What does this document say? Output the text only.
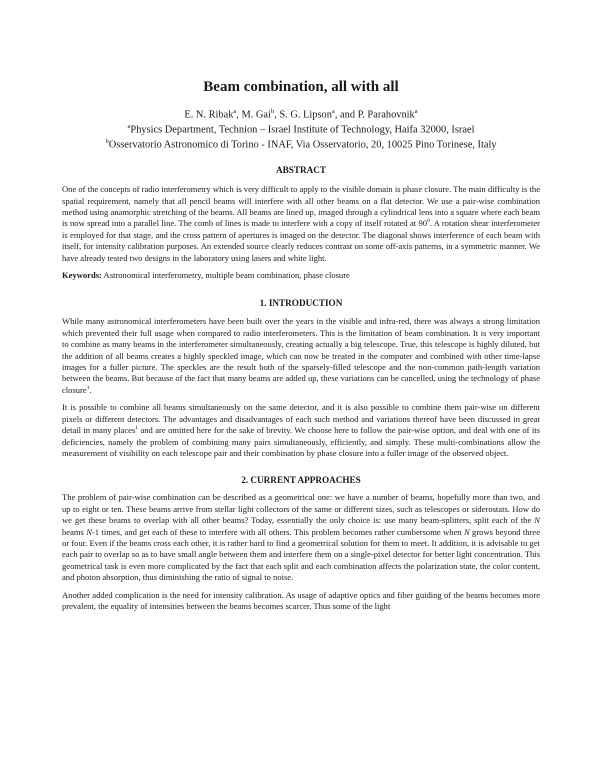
Beam combination, all with all

E. N. Ribak$^a$, M. Gai$^b$, S. G. Lipson$^a$, and P. Parahovnik$^a$

$^a$Physics Department, Technion – Israel Institute of Technology, Haifa 32000, Israel

$^b$Osservatorio Astronomico di Torino - INAF, Via Osservatorio, 20, 10025 Pino Torinese, Italy

ABSTRACT

One of the concepts of radio interferometry which is very difficult to apply to the visible domain is phase closure. The main difficulty is the spatial requirement, namely that all pencil beams will interfere with all other beams on a flat detector. We use a pair-wise combination method using anamorphic stretching of the beams. All beams are lined up, imaged through a cylindrical lens into a square where each beam is now spread into a parallel line. The comb of lines is made to interfere with a copy of itself rotated at $90^0$. A rotation shear interferometer is employed for that stage, and the cross pattern of apertures is imaged on the detector. The diagonal shows interference of each beam with itself, for intensity calibration purposes. An extended source clearly reduces contrast on some off-axis patterns, in a symmetric manner. We have already tested two designs in the laboratory using lasers and white light.

Keywords: Astronomical interferometry, multiple beam combination, phase closure

1. INTRODUCTION

While many astronomical interferometers have been built over the years in the visible and infra-red, there was always a strong limitation which prevented their full usage when compared to radio interferometers. This is the limitation of beam combination. It is very important to combine as many beams in the interferometer simultaneously, creating actually a big telescope. True, this telescope is highly diluted, but the addition of all beams creates a highly speckled image, which can now be treated in the computer and combined with other time-lapse images for a fuller picture. The speckles are the result both of the sparsely-filled telescope and the non-common path-length variation between the beams. But because of the fact that many beams are added up, these variations can be cancelled, using the technology of phase closure$^1$.

It is possible to combine all beams simultaneously on the same detector, and it is also possible to combine them pair-wise on different pixels or different detectors. The advantages and disadvantages of each such method and variations thereof have been discussed in great detail in many places$^1$ and are omitted here for the sake of brevity. We choose here to follow the pair-wise option, and deal with one of its deficiencies, namely the problem of combining many pairs simultaneously, efficiently, and simply. These multi-combinations allow the measurement of visibility on each telescope pair and their combination by phase closure into a fuller image of the observed object.

2. CURRENT APPROACHES

The problem of pair-wise combination can be described as a geometrical one: we have a number of beams, hopefully more than two, and up to eight or ten. These beams arrive from stellar light collectors of the same or different sizes, such as telescopes or siderostats. How do we get these beams to overlap with all other beams? Today, essentially the only choice is: use many beam-splitters, split each of the N beams N-1 times, and get each of these to interfere with all others. This problem becomes rather cumbersome when N grows beyond three or four. Even if the beams cross each other, it is rather hard to find a geometrical solution for them to meet. It addition, it is advisable to get each pair to overlap so as to have small angle between them and interfere them on a single-pixel detector for better light concentration. This geometrical task is even more complicated by the fact that each split and each combination affects the polarization state, the color content, and photon absorption, thus diminishing the ratio of signal to noise.

Another added complication is the need for intensity calibration. As usage of adaptive optics and fiber guiding of the beams becomes more prevalent, the equality of intensities between the beams becomes scarcer. Thus some of the light
